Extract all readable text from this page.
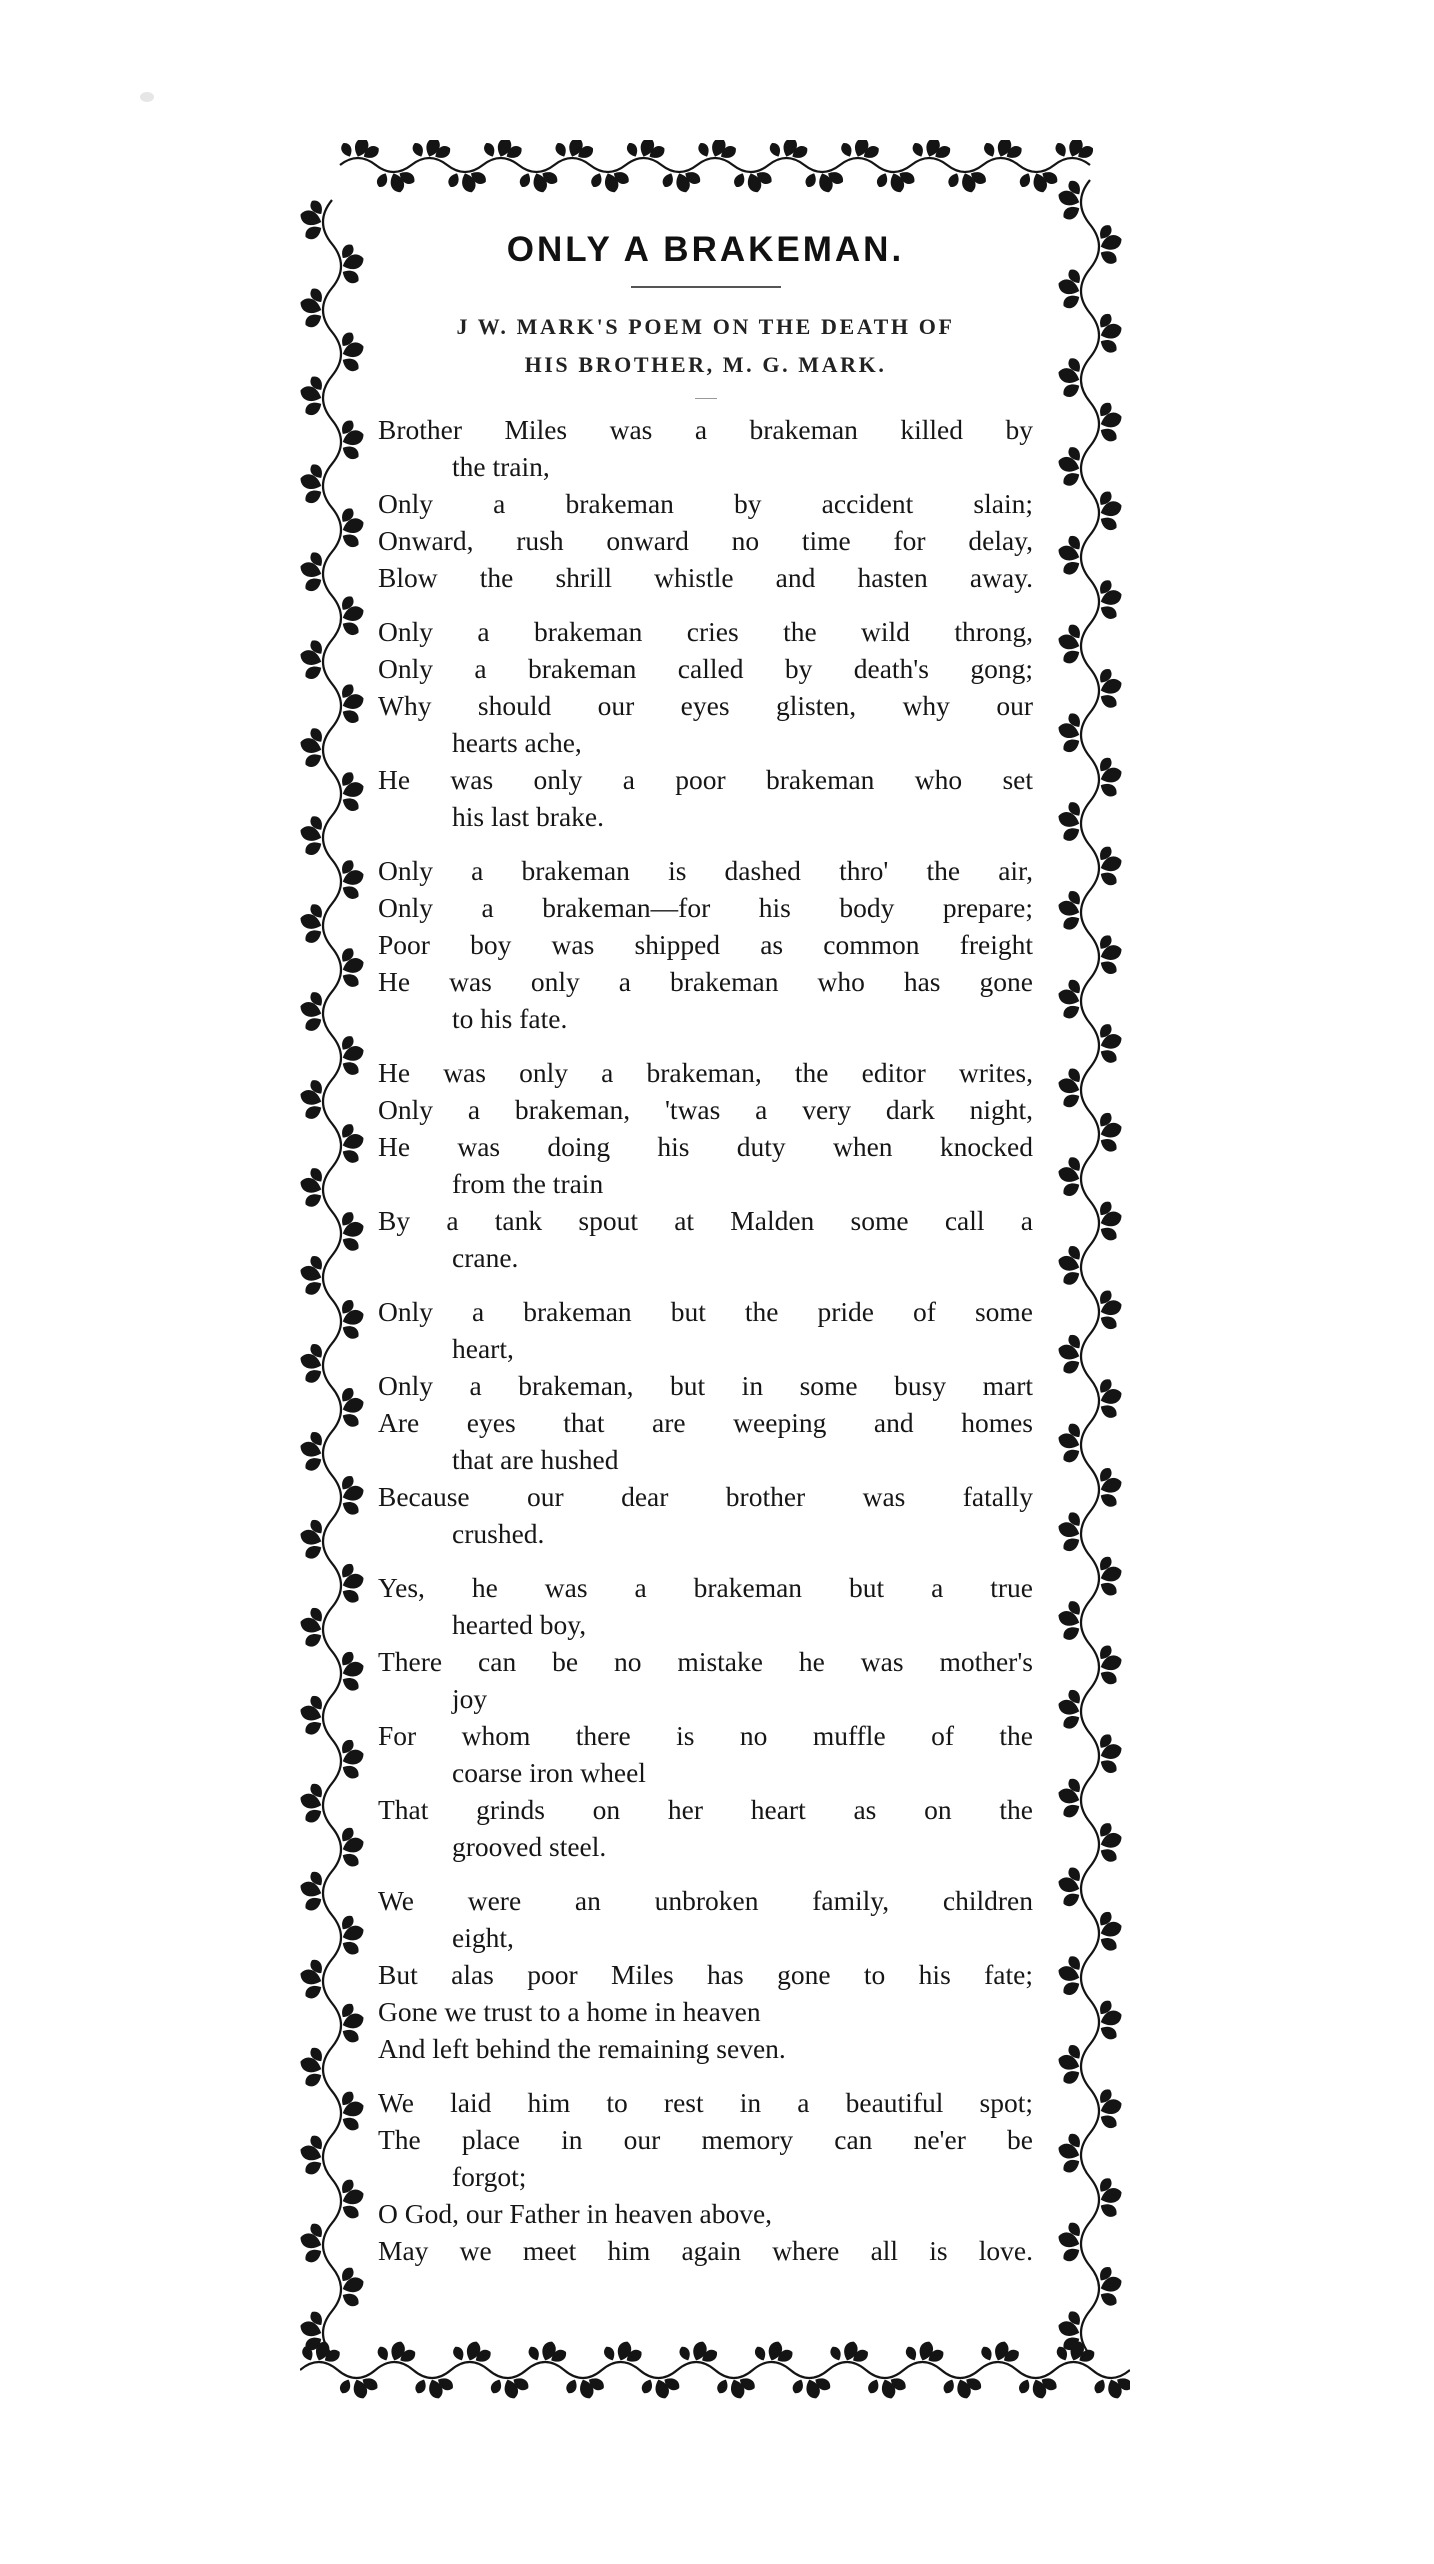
ONLY A BRAKEMAN.
J W. MARK'S POEM ON THE DEATH OF
HIS BROTHER, M. G. MARK.
Brother Miles was a brakeman killed by
the train,
Only a brakeman by accident slain;
Onward, rush onward no time for delay,
Blow the shrill whistle and hasten away.
Only a brakeman cries the wild throng,
Only a brakeman called by death's gong;
Why should our eyes glisten, why our
hearts ache,
He was only a poor brakeman who set
his last brake.
Only a brakeman is dashed thro' the air,
Only a brakeman—for his body prepare;
Poor boy was shipped as common freight
He was only a brakeman who has gone
to his fate.
He was only a brakeman, the editor writes,
Only a brakeman, 'twas a very dark night,
He was doing his duty when knocked
from the train
By a tank spout at Malden some call a
crane.
Only a brakeman but the pride of some
heart,
Only a brakeman, but in some busy mart
Are eyes that are weeping and homes
that are hushed
Because our dear brother was fatally
crushed.
Yes, he was a brakeman but a true
hearted boy,
There can be no mistake he was mother's
joy
For whom there is no muffle of the
coarse iron wheel
That grinds on her heart as on the
grooved steel.
We were an unbroken family, children
eight,
But alas poor Miles has gone to his fate;
Gone we trust to a home in heaven
And left behind the remaining seven.
We laid him to rest in a beautiful spot;
The place in our memory can ne'er be
forgot;
O God, our Father in heaven above,
May we meet him again where all is love.
